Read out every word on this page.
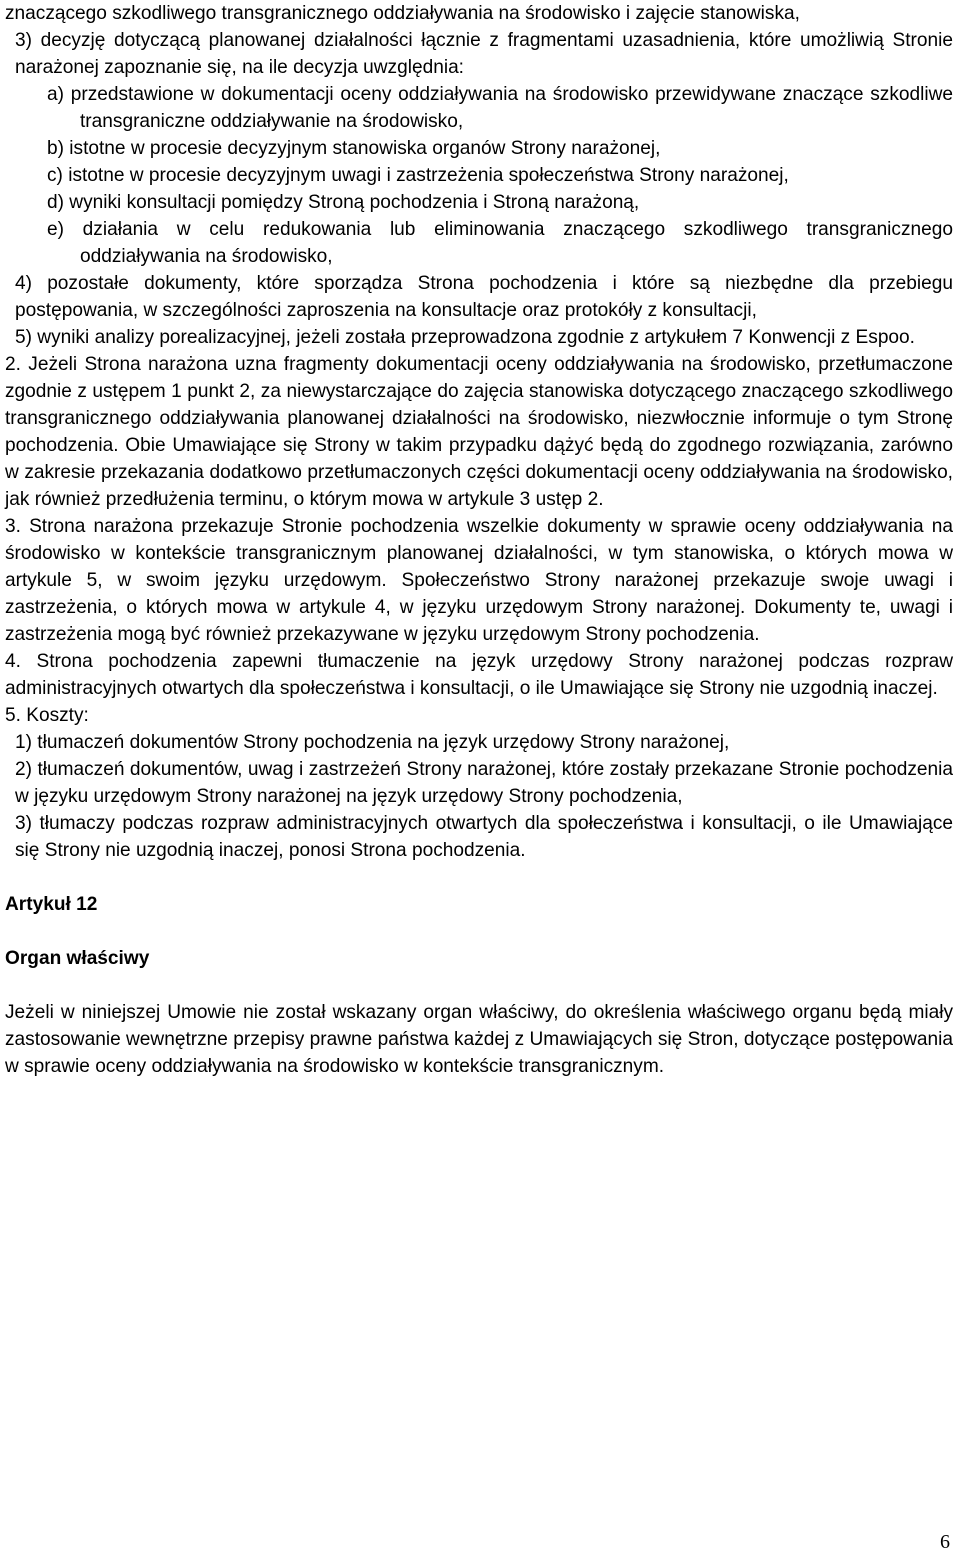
znaczącego szkodliwego transgranicznego oddziaływania na środowisko i zajęcie stanowiska,

3) decyzję dotyczącą planowanej działalności łącznie z fragmentami uzasadnienia, które umożliwią Stronie narażonej zapoznanie się, na ile decyzja uwzględnia:

a) przedstawione w dokumentacji oceny oddziaływania na środowisko przewidywane znaczące szkodliwe transgraniczne oddziaływanie na środowisko,

b) istotne w procesie decyzyjnym stanowiska organów Strony narażonej,

c) istotne w procesie decyzyjnym uwagi i zastrzeżenia społeczeństwa Strony narażonej,

d) wyniki konsultacji pomiędzy Stroną pochodzenia i Stroną narażoną,

e) działania w celu redukowania lub eliminowania znaczącego szkodliwego transgranicznego oddziaływania na środowisko,

4) pozostałe dokumenty, które sporządza Strona pochodzenia i które są niezbędne dla przebiegu postępowania, w szczególności zaproszenia na konsultacje oraz protokóły z konsultacji,

5) wyniki analizy porealizacyjnej, jeżeli została przeprowadzona zgodnie z artykułem 7 Konwencji z Espoo.

2. Jeżeli Strona narażona uzna fragmenty dokumentacji oceny oddziaływania na środowisko, przetłumaczone zgodnie z ustępem 1 punkt 2, za niewystarczające do zajęcia stanowiska dotyczącego znaczącego szkodliwego transgranicznego oddziaływania planowanej działalności na środowisko, niezwłocznie informuje o tym Stronę pochodzenia. Obie Umawiające się Strony w takim przypadku dążyć będą do zgodnego rozwiązania, zarówno w zakresie przekazania dodatkowo przetłumaczonych części dokumentacji oceny oddziaływania na środowisko, jak również przedłużenia terminu, o którym mowa w artykule 3 ustęp 2.

3. Strona narażona przekazuje Stronie pochodzenia wszelkie dokumenty w sprawie oceny oddziaływania na środowisko w kontekście transgranicznym planowanej działalności, w tym stanowiska, o których mowa w artykule 5, w swoim języku urzędowym. Społeczeństwo Strony narażonej przekazuje swoje uwagi i zastrzeżenia, o których mowa w artykule 4, w języku urzędowym Strony narażonej. Dokumenty te, uwagi i zastrzeżenia mogą być również przekazywane w języku urzędowym Strony pochodzenia.

4. Strona pochodzenia zapewni tłumaczenie na język urzędowy Strony narażonej podczas rozpraw administracyjnych otwartych dla społeczeństwa i konsultacji, o ile Umawiające się Strony nie uzgodnią inaczej.

5. Koszty:

1) tłumaczeń dokumentów Strony pochodzenia na język urzędowy Strony narażonej,

2) tłumaczeń dokumentów, uwag i zastrzeżeń Strony narażonej, które zostały przekazane Stronie pochodzenia w języku urzędowym Strony narażonej na język urzędowy Strony pochodzenia,

3) tłumaczy podczas rozpraw administracyjnych otwartych dla społeczeństwa i konsultacji, o ile Umawiające się Strony nie uzgodnią inaczej, ponosi Strona pochodzenia.

Artykuł 12

Organ właściwy

Jeżeli w niniejszej Umowie nie został wskazany organ właściwy, do określenia właściwego organu będą miały zastosowanie wewnętrzne przepisy prawne państwa każdej z Umawiających się Stron, dotyczące postępowania w sprawie oceny oddziaływania na środowisko w kontekście transgranicznym.

6
